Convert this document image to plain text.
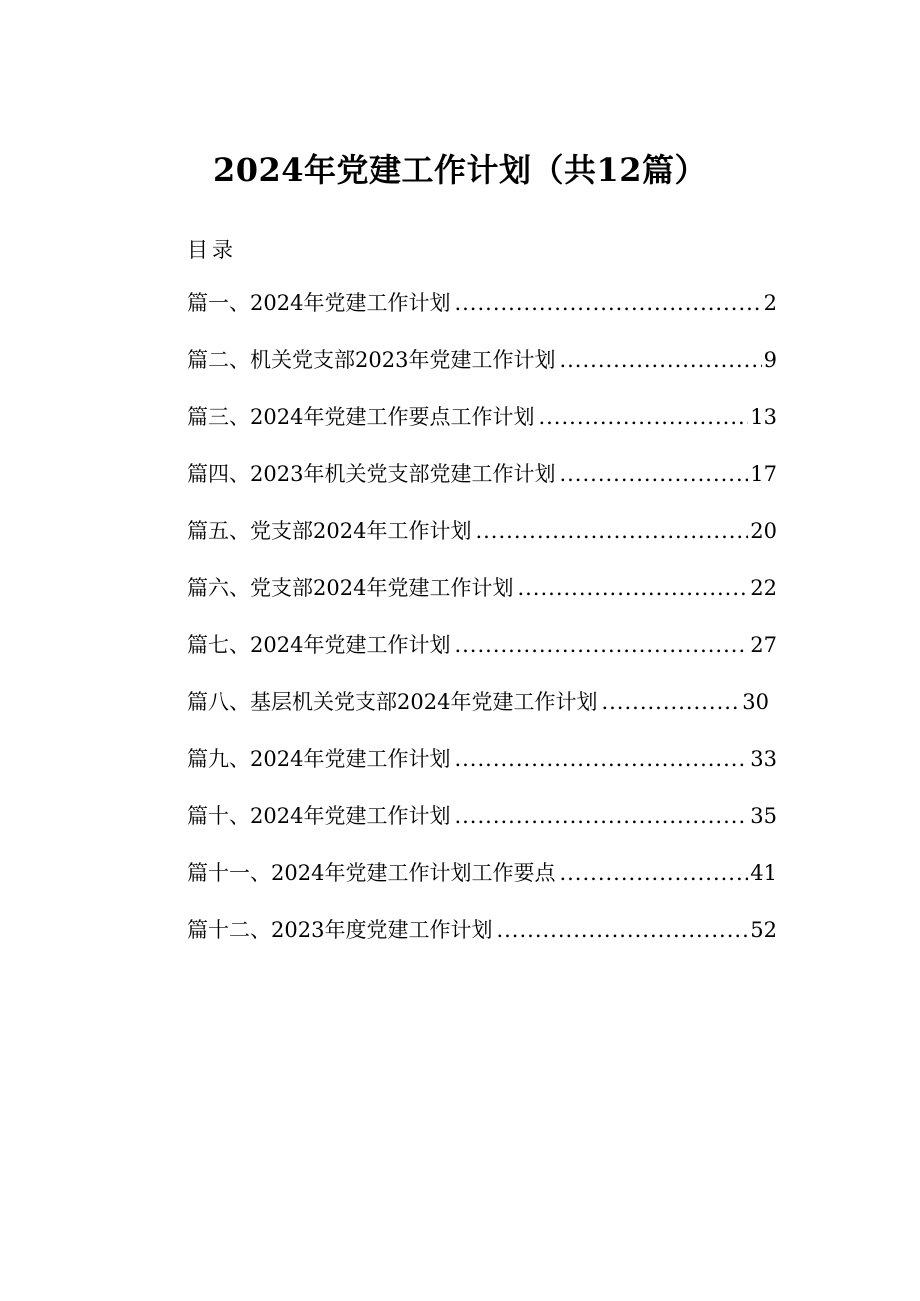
2024年党建工作计划（共12篇）
目录
篇一、2024年党建工作计划 .....	2
篇二、机关党支部2023年党建工作计划 .....	9
篇三、2024年党建工作要点工作计划 .....	13
篇四、2023年机关党支部党建工作计划 .....	17
篇五、党支部2024年工作计划 .....	20
篇六、党支部2024年党建工作计划 .....	22
篇七、2024年党建工作计划 .....	27
篇八、基层机关党支部2024年党建工作计划 .....	30
篇九、2024年党建工作计划 .....	33
篇十、2024年党建工作计划 .....	35
篇十一、2024年党建工作计划工作要点 .....	41
篇十二、2023年度党建工作计划 .....	52
